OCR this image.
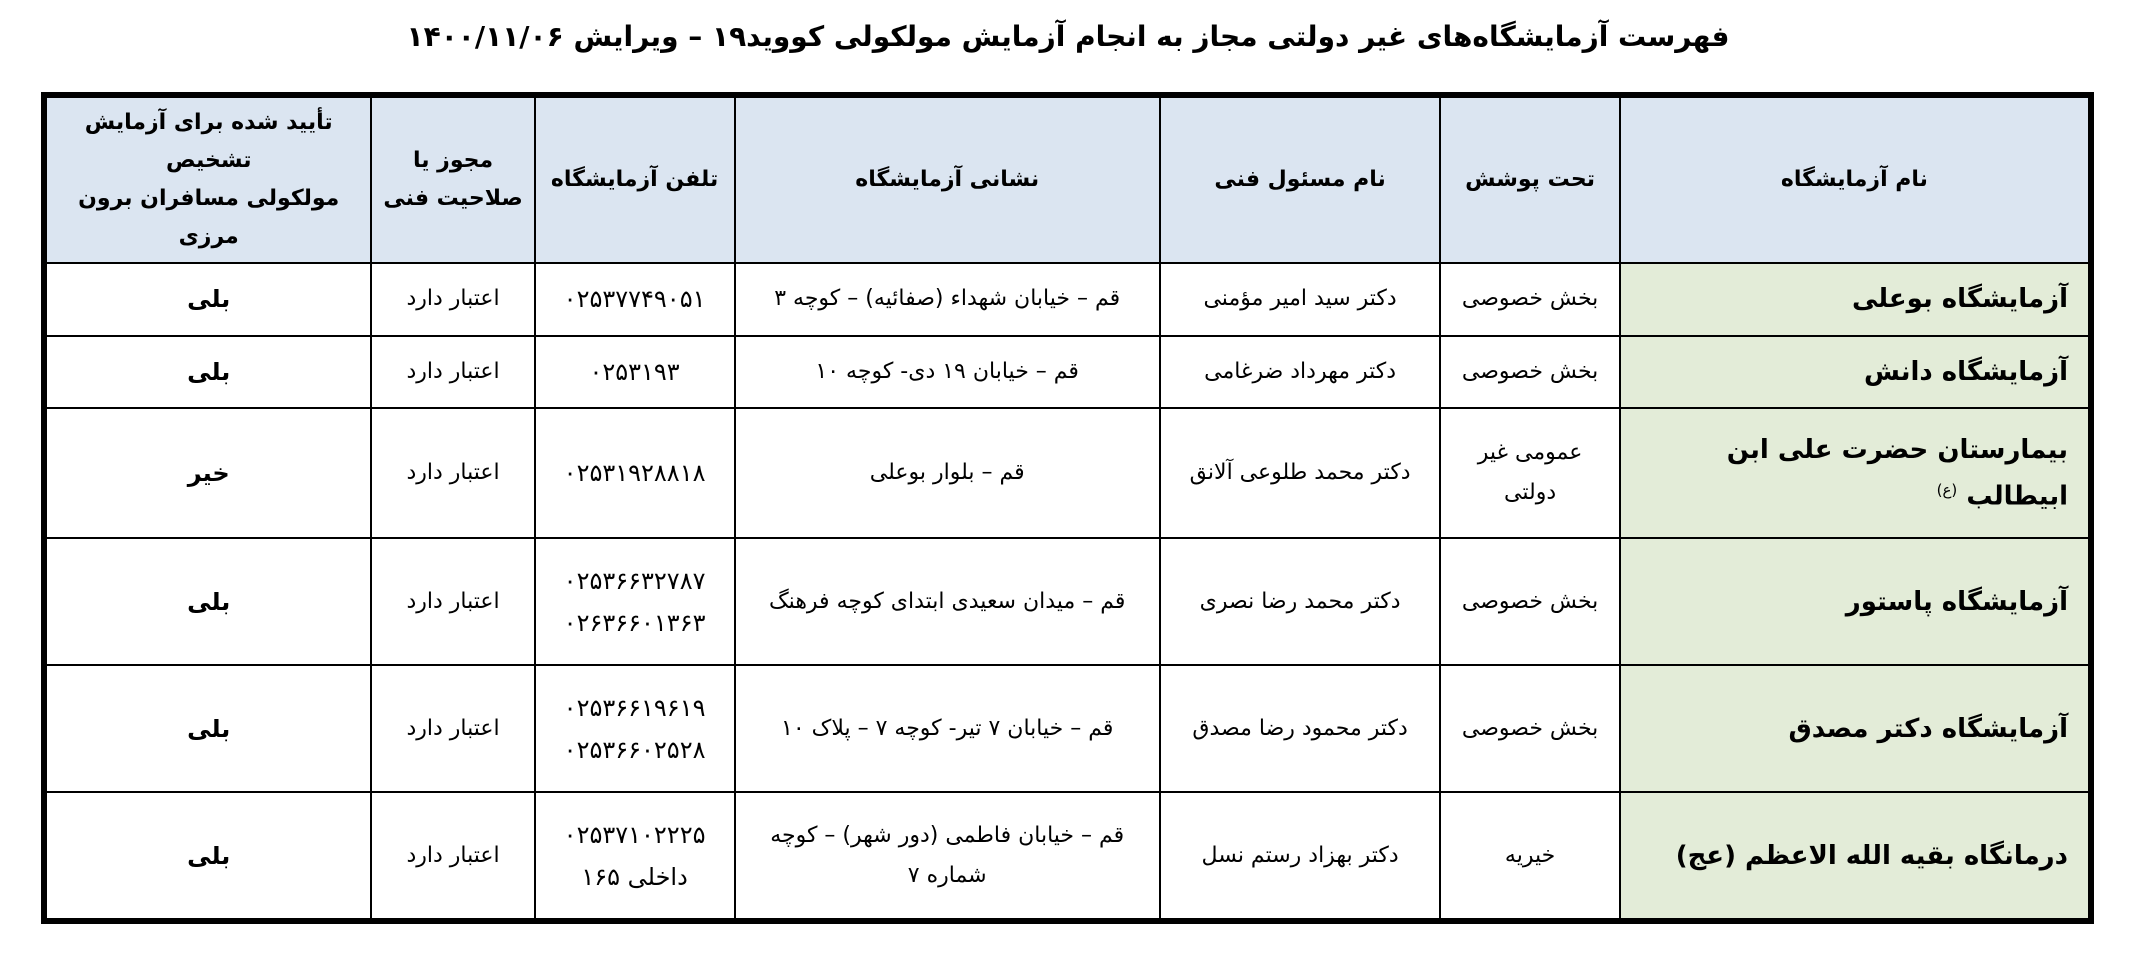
فهرست آزمایشگاه‌های غیر دولتی مجاز به انجام آزمایش مولکولی کووید۱۹ – ویرایش ۱۴۰۰/۱۱/۰۶
نام آزمایشگاه	تحت پوشش	نام مسئول فنی	نشانی آزمایشگاه	تلفن آزمایشگاه	مجوز یا
صلاحیت فنی	تأیید شده برای آزمایش تشخیص
مولکولی مسافران برون مرزی

آزمایشگاه بوعلی	بخش خصوصی	دکتر سید امیر مؤمنی	قم – خیابان شهداء (صفائیه) – کوچه ۳	۰۲۵۳۷۷۴۹۰۵۱	اعتبار دارد	بلی
آزمایشگاه دانش	بخش خصوصی	دکتر مهرداد ضرغامی	قم – خیابان ۱۹ دی- کوچه ۱۰	۰۲۵۳۱۹۳	اعتبار دارد	بلی
بیمارستان حضرت علی ابن ابیطالب $^{(ع)}$	عمومی غیر دولتی	دکتر محمد طلوعی آلانق	قم – بلوار بوعلی	۰۲۵۳۱۹۲۸۸۱۸	اعتبار دارد	خیر
آزمایشگاه پاستور	بخش خصوصی	دکتر محمد رضا نصری	قم – میدان سعیدی ابتدای کوچه فرهنگ	۰۲۵۳۶۶۳۲۷۸۷
۰۲۶۳۶۶۰۱۳۶۳	اعتبار دارد	بلی
آزمایشگاه دکتر مصدق	بخش خصوصی	دکتر محمود رضا مصدق	قم – خیابان ۷ تیر- کوچه ۷ – پلاک ۱۰	۰۲۵۳۶۶۱۹۶۱۹
۰۲۵۳۶۶۰۲۵۲۸	اعتبار دارد	بلی
درمانگاه بقیه الله الاعظم (عج)	خیریه	دکتر بهزاد رستم نسل	قم – خیابان فاطمی (دور شهر) – کوچه
شماره ۷	۰۲۵۳۷۱۰۲۲۲۵
داخلی ۱۶۵	اعتبار دارد	بلی
